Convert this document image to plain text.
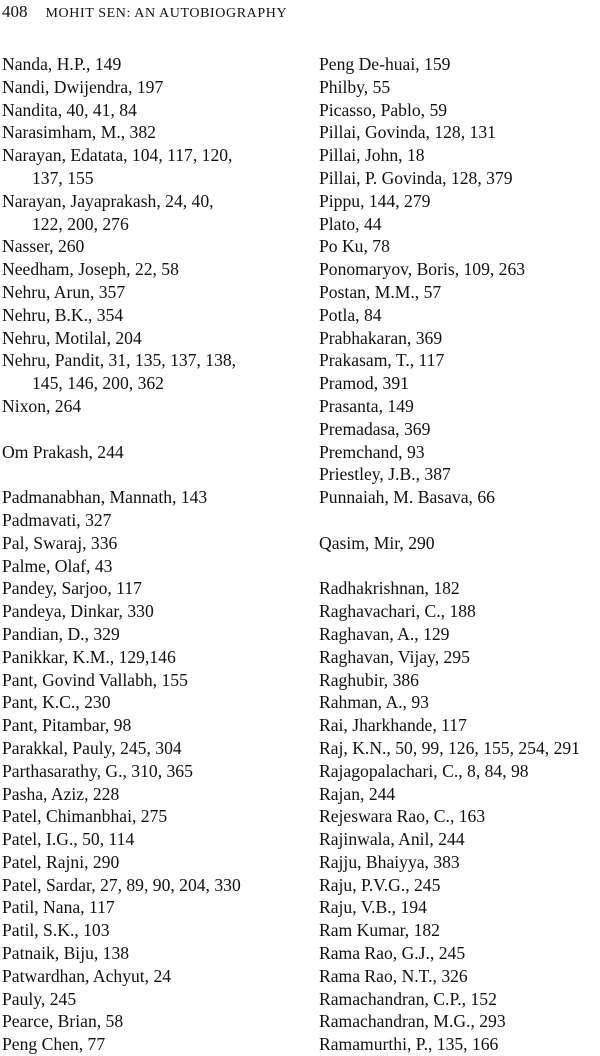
408 MOHIT SEN: AN AUTOBIOGRAPHY
Nanda, H.P., 149
Nandi, Dwijendra, 197
Nandita, 40, 41, 84
Narasimham, M., 382
Narayan, Edatata, 104, 117, 120,
137, 155
Narayan, Jayaprakash, 24, 40,
122, 200, 276
Nasser, 260
Needham, Joseph, 22, 58
Nehru, Arun, 357
Nehru, B.K., 354
Nehru, Motilal, 204
Nehru, Pandit, 31, 135, 137, 138,
145, 146, 200, 362
Nixon, 264
Om Prakash, 244
Padmanabhan, Mannath, 143
Padmavati, 327
Pal, Swaraj, 336
Palme, Olaf, 43
Pandey, Sarjoo, 117
Pandeya, Dinkar, 330
Pandian, D., 329
Panikkar, K.M., 129,146
Pant, Govind Vallabh, 155
Pant, K.C., 230
Pant, Pitambar, 98
Parakkal, Pauly, 245, 304
Parthasarathy, G., 310, 365
Pasha, Aziz, 228
Patel, Chimanbhai, 275
Patel, I.G., 50, 114
Patel, Rajni, 290
Patel, Sardar, 27, 89, 90, 204, 330
Patil, Nana, 117
Patil, S.K., 103
Patnaik, Biju, 138
Patwardhan, Achyut, 24
Pauly, 245
Pearce, Brian, 58
Peng Chen, 77
Peng De-huai, 159
Philby, 55
Picasso, Pablo, 59
Pillai, Govinda, 128, 131
Pillai, John, 18
Pillai, P. Govinda, 128, 379
Pippu, 144, 279
Plato, 44
Po Ku, 78
Ponomaryov, Boris, 109, 263
Postan, M.M., 57
Potla, 84
Prabhakaran, 369
Prakasam, T., 117
Pramod, 391
Prasanta, 149
Premadasa, 369
Premchand, 93
Priestley, J.B., 387
Punnaiah, M. Basava, 66
Qasim, Mir, 290
Radhakrishnan, 182
Raghavachari, C., 188
Raghavan, A., 129
Raghavan, Vijay, 295
Raghubir, 386
Rahman, A., 93
Rai, Jharkhande, 117
Raj, K.N., 50, 99, 126, 155, 254, 291
Rajagopalachari, C., 8, 84, 98
Rajan, 244
Rejeswara Rao, C., 163
Rajinwala, Anil, 244
Rajju, Bhaiyya, 383
Raju, P.V.G., 245
Raju, V.B., 194
Ram Kumar, 182
Rama Rao, G.J., 245
Rama Rao, N.T., 326
Ramachandran, C.P., 152
Ramachandran, M.G., 293
Ramamurthi, P., 135, 166
